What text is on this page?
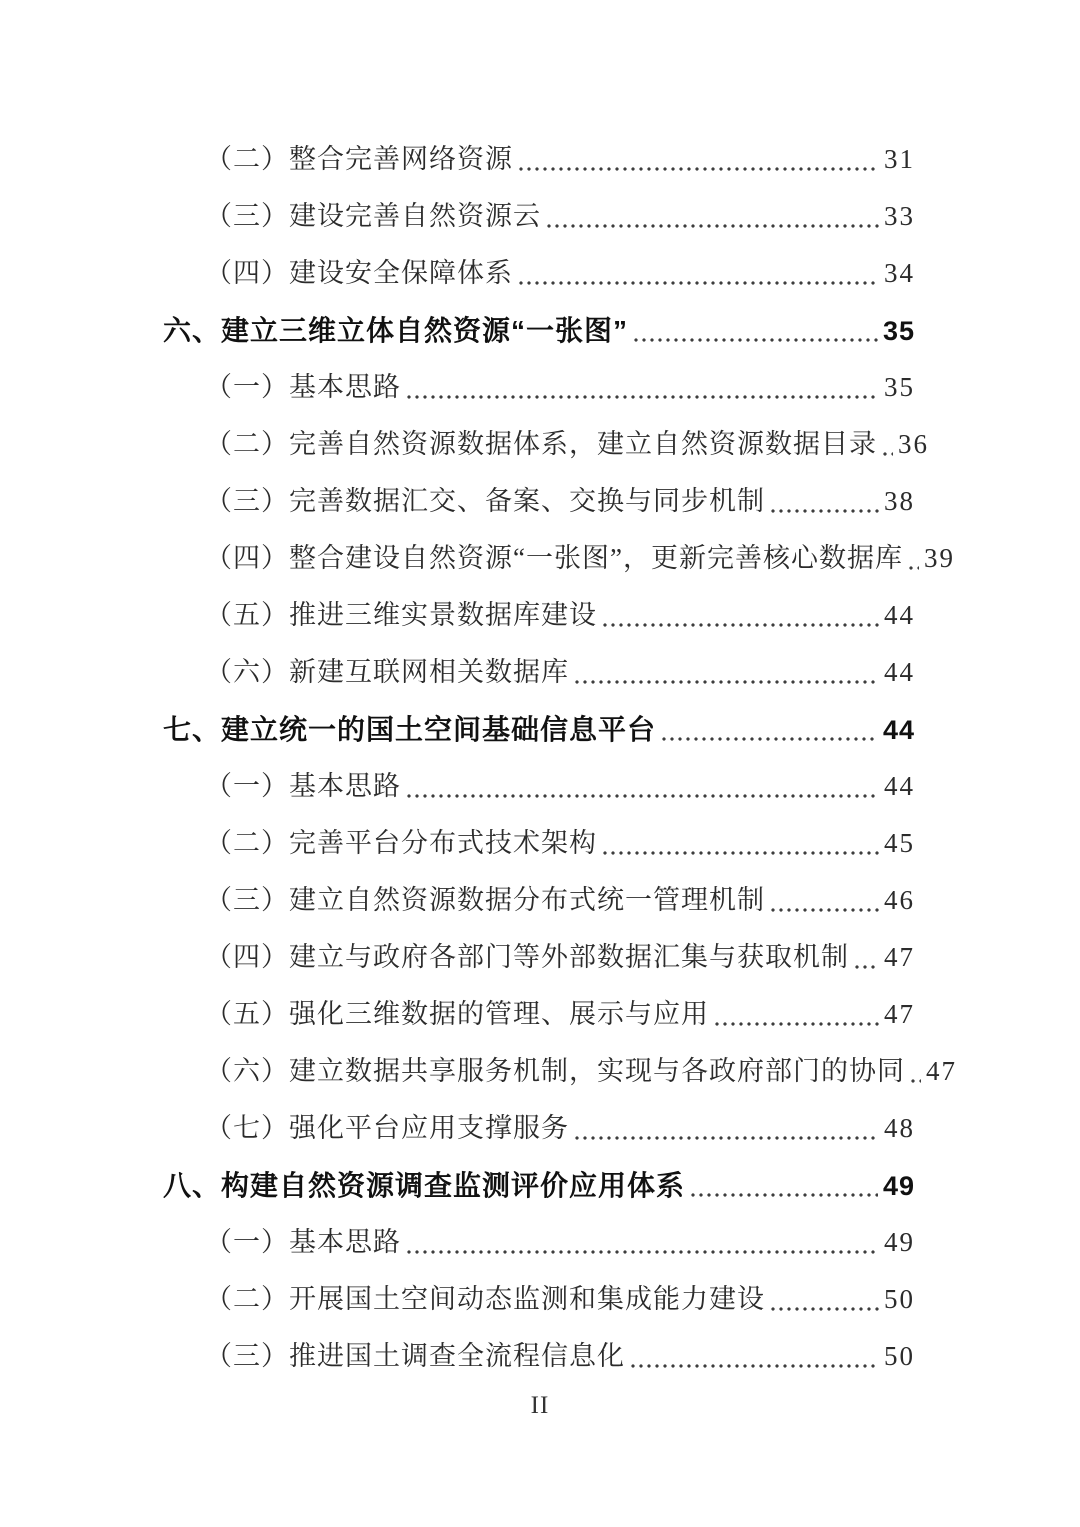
（二）整合完善网络资源	31
（三）建设完善自然资源云	33
（四）建设安全保障体系	34
六、建立三维立体自然资源“一张图”	35
（一）基本思路	35
（二）完善自然资源数据体系，建立自然资源数据目录 36
（三）完善数据汇交、备案、交换与同步机制	38
（四）整合建设自然资源“一张图”，更新完善核心数据库 39
（五）推进三维实景数据库建设	44
（六）新建互联网相关数据库	44
七、建立统一的国土空间基础信息平台	44
（一）基本思路	44
（二）完善平台分布式技术架构	45
（三）建立自然资源数据分布式统一管理机制	46
（四）建立与政府各部门等外部数据汇集与获取机制 47
（五）强化三维数据的管理、展示与应用	47
（六）建立数据共享服务机制，实现与各政府部门的协同 47
（七）强化平台应用支撑服务	48
八、构建自然资源调查监测评价应用体系	49
（一）基本思路	49
（二）开展国土空间动态监测和集成能力建设	50
（三）推进国土调查全流程信息化	50
II
